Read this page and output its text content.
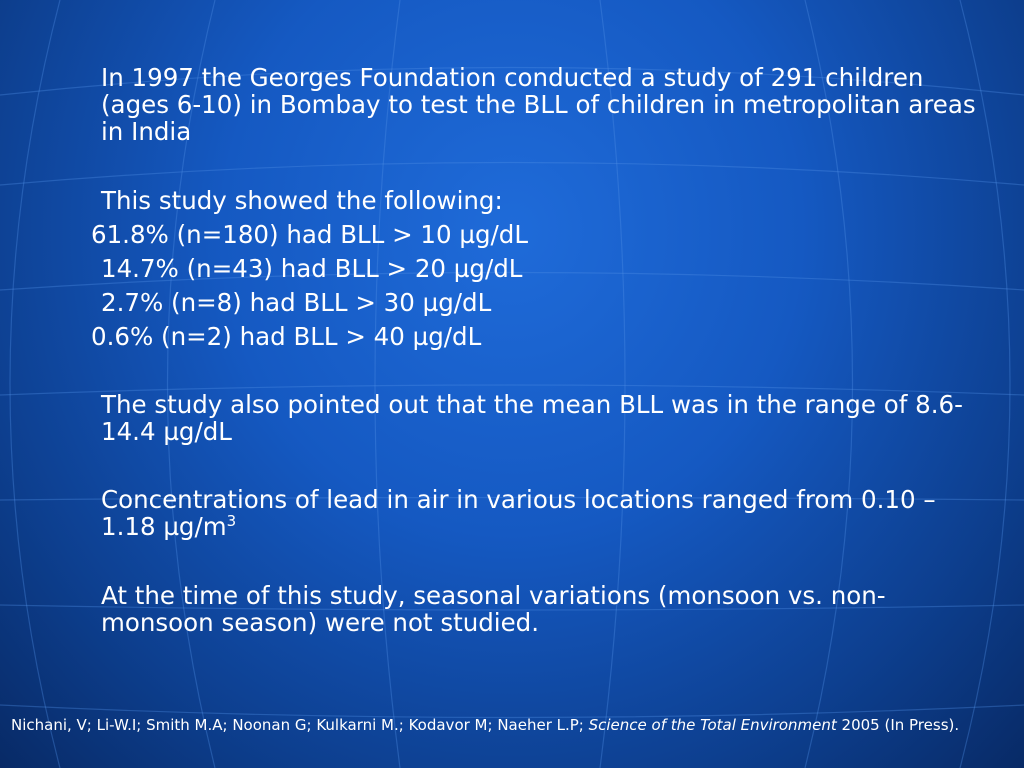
In 1997 the Georges Foundation conducted a study of 291 children (ages 6-10) in Bombay to test the BLL of children in metropolitan areas in India

This study showed the following:

61.8% (n=180) had BLL > 10 µg/dL

14.7% (n=43) had BLL > 20 µg/dL

2.7% (n=8) had BLL > 30 µg/dL

0.6% (n=2) had BLL > 40 µg/dL

The study also pointed out that the mean BLL was in the range of 8.6-14.4 µg/dL

Concentrations of lead in air in various locations ranged from 0.10 – 1.18 $\mu g/m^3$

At the time of this study, seasonal variations (monsoon vs. non-monsoon season) were not studied.

Nichani, V; Li-W.I; Smith M.A; Noonan G; Kulkarni M.; Kodavor M; Naeher L.P; Science of the Total Environment 2005 (In Press).
